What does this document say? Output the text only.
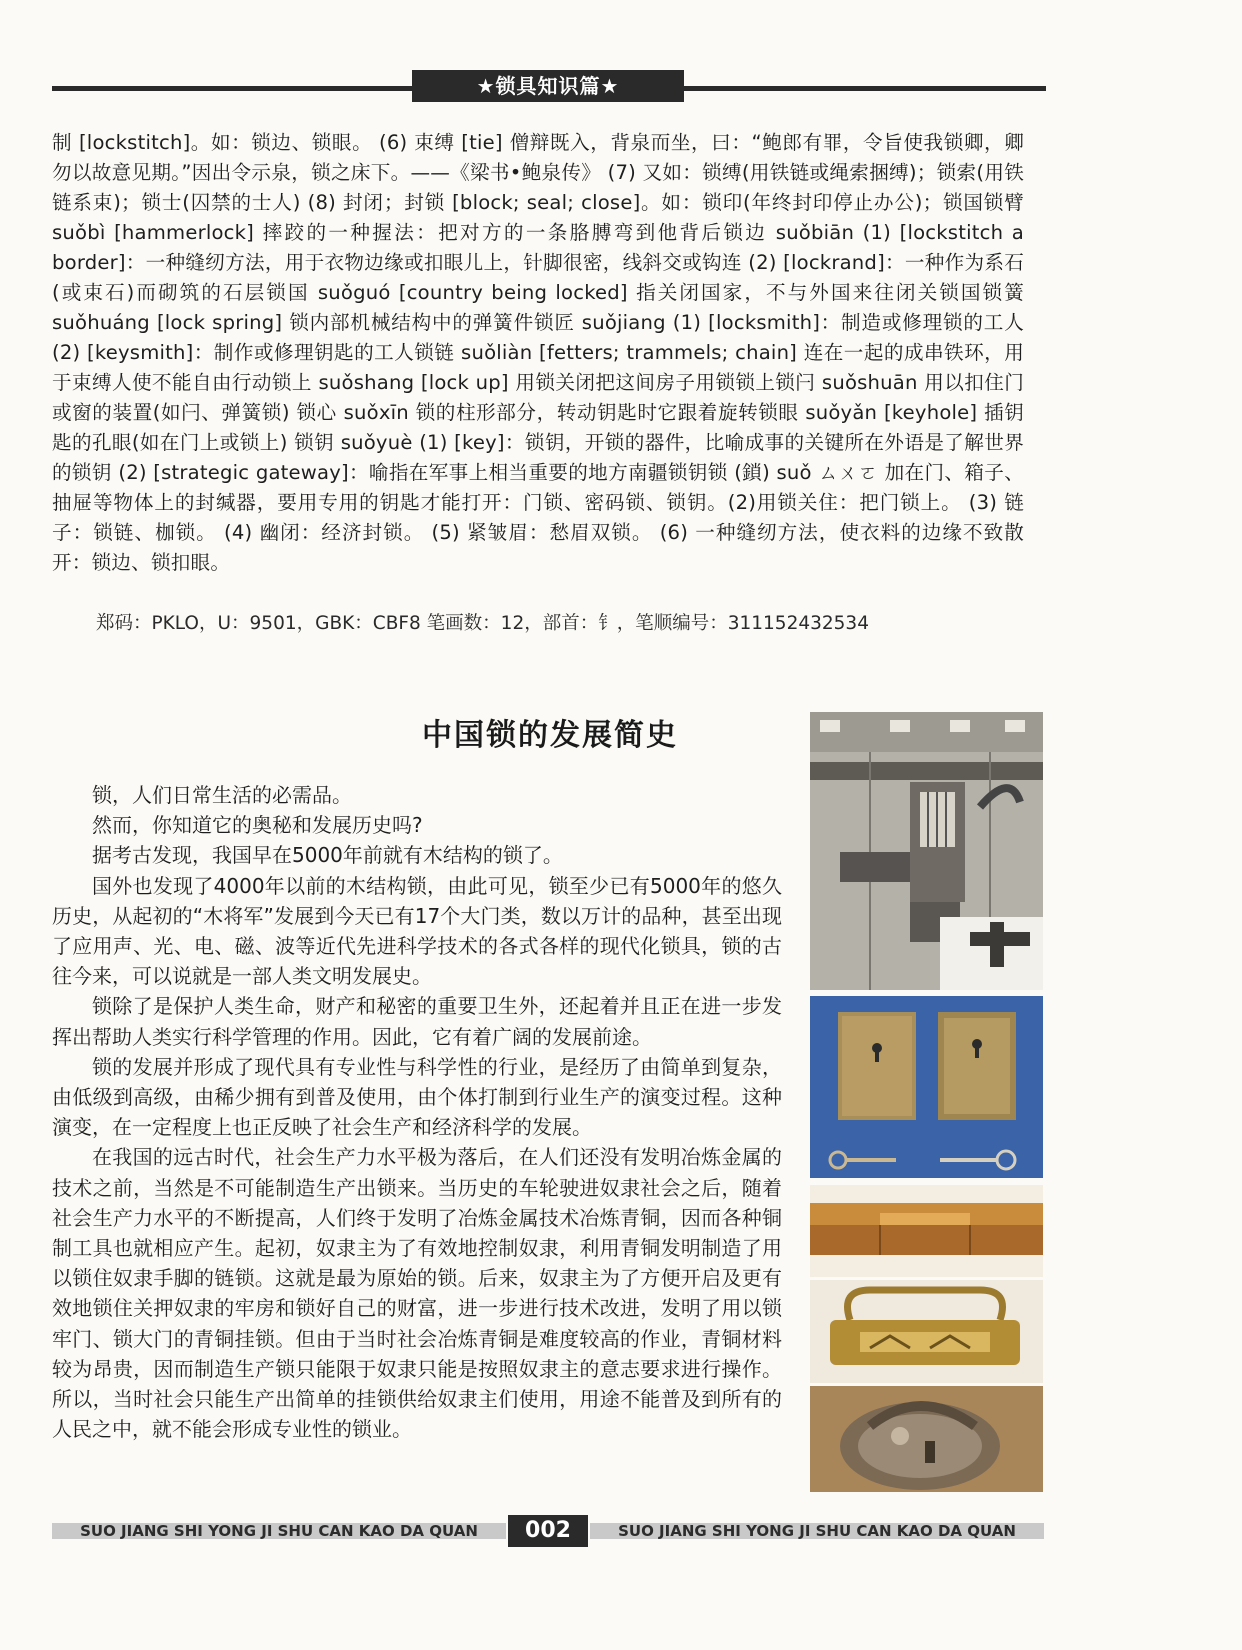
★锁具知识篇★

制 [lockstitch]。如：锁边、锁眼。 (6) 束缚 [tie] 僧辩既入，背泉而坐，曰：“鲍郎有罪，令旨使我锁卿，卿勿以故意见期。”因出令示泉，锁之床下。——《梁书•鲍泉传》 (7) 又如：锁缚(用铁链或绳索捆缚)；锁索(用铁链系束)；锁士(囚禁的士人) (8) 封闭；封锁 [block; seal; close]。如：锁印(年终封印停止办公)；锁国锁臂 suǒbì [hammerlock] 摔跤的一种握法：把对方的一条胳膊弯到他背后锁边 suǒbiān (1) [lockstitch a border]：一种缝纫方法，用于衣物边缘或扣眼儿上，针脚很密，线斜交或钩连 (2) [lockrand]：一种作为系石(或束石)而砌筑的石层锁国 suǒguó [country being locked] 指关闭国家，不与外国来往闭关锁国锁簧 suǒhuáng [lock spring] 锁内部机械结构中的弹簧件锁匠 suǒjiang (1) [locksmith]：制造或修理锁的工人 (2) [keysmith]：制作或修理钥匙的工人锁链 suǒliàn [fetters; trammels; chain] 连在一起的成串铁环，用于束缚人使不能自由行动锁上 suǒshang [lock up] 用锁关闭把这间房子用锁锁上锁闩 suǒshuān 用以扣住门或窗的装置(如闩、弹簧锁) 锁心 suǒxīn 锁的柱形部分，转动钥匙时它跟着旋转锁眼 suǒyǎn [keyhole] 插钥匙的孔眼(如在门上或锁上) 锁钥 suǒyuè (1) [key]：锁钥，开锁的器件，比喻成事的关键所在外语是了解世界的锁钥 (2) [strategic gateway]：喻指在军事上相当重要的地方南疆锁钥锁 (鎖) suǒ ㄙㄨㄛ 加在门、箱子、抽屉等物体上的封缄器，要用专用的钥匙才能打开：门锁、密码锁、锁钥。(2)用锁关住：把门锁上。 (3) 链子：锁链、枷锁。 (4) 幽闭：经济封锁。 (5) 紧皱眉：愁眉双锁。 (6) 一种缝纫方法，使衣料的边缘不致散开：锁边、锁扣眼。

郑码：PKLO，U：9501，GBK：CBF8 笔画数：12，部首：钅，笔顺编号：311152432534
中国锁的发展简史

锁，人们日常生活的必需品。

然而，你知道它的奥秘和发展历史吗?

据考古发现，我国早在5000年前就有木结构的锁了。

国外也发现了4000年以前的木结构锁，由此可见，锁至少已有5000年的悠久历史，从起初的“木将军”发展到今天已有17个大门类，数以万计的品种，甚至出现了应用声、光、电、磁、波等近代先进科学技术的各式各样的现代化锁具，锁的古往今来，可以说就是一部人类文明发展史。

锁除了是保护人类生命，财产和秘密的重要卫生外，还起着并且正在进一步发挥出帮助人类实行科学管理的作用。因此，它有着广阔的发展前途。

锁的发展并形成了现代具有专业性与科学性的行业，是经历了由简单到复杂，由低级到高级，由稀少拥有到普及使用，由个体打制到行业生产的演变过程。这种演变，在一定程度上也正反映了社会生产和经济科学的发展。

在我国的远古时代，社会生产力水平极为落后，在人们还没有发明冶炼金属的技术之前，当然是不可能制造生产出锁来。当历史的车轮驶进奴隶社会之后，随着社会生产力水平的不断提高，人们终于发明了冶炼金属技术冶炼青铜，因而各种铜制工具也就相应产生。起初，奴隶主为了有效地控制奴隶，利用青铜发明制造了用以锁住奴隶手脚的链锁。这就是最为原始的锁。后来，奴隶主为了方便开启及更有效地锁住关押奴隶的牢房和锁好自己的财富，进一步进行技术改进，发明了用以锁牢门、锁大门的青铜挂锁。但由于当时社会冶炼青铜是难度较高的作业，青铜材料较为昂贵，因而制造生产锁只能限于奴隶只能是按照奴隶主的意志要求进行操作。所以，当时社会只能生产出简单的挂锁供给奴隶主们使用，用途不能普及到所有的人民之中，就不能会形成专业性的锁业。

SUO JIANG SHI YONG JI SHU CAN KAO DA QUAN	002	SUO JIANG SHI YONG JI SHU CAN KAO DA QUAN
